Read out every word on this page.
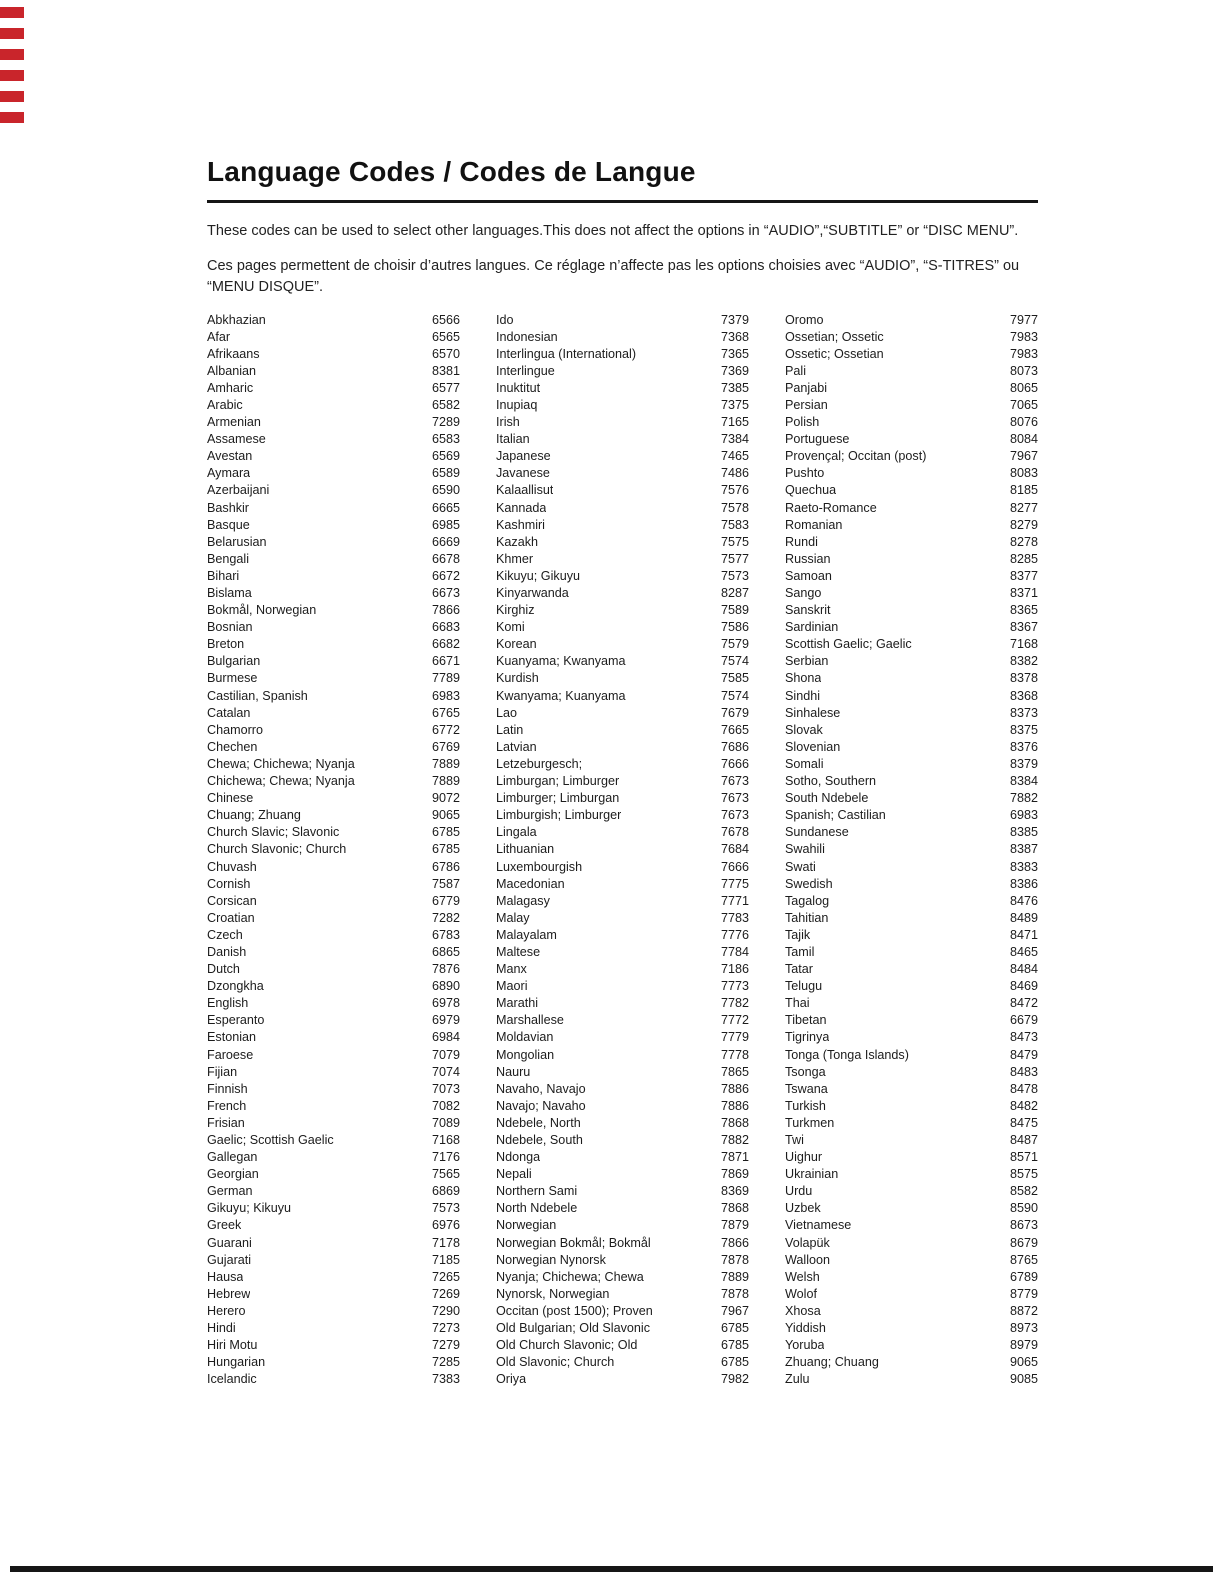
Language Codes / Codes de Langue

These codes can be used to select other languages.This does not affect the options in “AUDIO”,“SUBTITLE” or “DISC MENU”.

Ces pages permettent de choisir d’autres langues. Ce réglage n’affecte pas les options choisies avec “AUDIO”, “S-TITRES” ou “MENU DISQUE”.

Abkhazian	6566
Afar	6565
Afrikaans	6570
Albanian	8381
Amharic	6577
Arabic	6582
Armenian	7289
Assamese	6583
Avestan	6569
Aymara	6589
Azerbaijani	6590
Bashkir	6665
Basque	6985
Belarusian	6669
Bengali	6678
Bihari	6672
Bislama	6673
Bokmål, Norwegian	7866
Bosnian	6683
Breton	6682
Bulgarian	6671
Burmese	7789
Castilian, Spanish	6983
Catalan	6765
Chamorro	6772
Chechen	6769
Chewa; Chichewa; Nyanja	7889
Chichewa; Chewa; Nyanja	7889
Chinese	9072
Chuang; Zhuang	9065
Church Slavic; Slavonic	6785
Church Slavonic; Church	6785
Chuvash	6786
Cornish	7587
Corsican	6779
Croatian	7282
Czech	6783
Danish	6865
Dutch	7876
Dzongkha	6890
English	6978
Esperanto	6979
Estonian	6984
Faroese	7079
Fijian	7074
Finnish	7073
French	7082
Frisian	7089
Gaelic; Scottish Gaelic	7168
Gallegan	7176
Georgian	7565
German	6869
Gikuyu; Kikuyu	7573
Greek	6976
Guarani	7178
Gujarati	7185
Hausa	7265
Hebrew	7269
Herero	7290
Hindi	7273
Hiri Motu	7279
Hungarian	7285
Icelandic	7383
Ido	7379
Indonesian	7368
Interlingua (International)	7365
Interlingue	7369
Inuktitut	7385
Inupiaq	7375
Irish	7165
Italian	7384
Japanese	7465
Javanese	7486
Kalaallisut	7576
Kannada	7578
Kashmiri	7583
Kazakh	7575
Khmer	7577
Kikuyu; Gikuyu	7573
Kinyarwanda	8287
Kirghiz	7589
Komi	7586
Korean	7579
Kuanyama; Kwanyama	7574
Kurdish	7585
Kwanyama; Kuanyama	7574
Lao	7679
Latin	7665
Latvian	7686
Letzeburgesch;	7666
Limburgan; Limburger	7673
Limburger; Limburgan	7673
Limburgish; Limburger	7673
Lingala	7678
Lithuanian	7684
Luxembourgish	7666
Macedonian	7775
Malagasy	7771
Malay	7783
Malayalam	7776
Maltese	7784
Manx	7186
Maori	7773
Marathi	7782
Marshallese	7772
Moldavian	7779
Mongolian	7778
Nauru	7865
Navaho, Navajo	7886
Navajo; Navaho	7886
Ndebele, North	7868
Ndebele, South	7882
Ndonga	7871
Nepali	7869
Northern Sami	8369
North Ndebele	7868
Norwegian	7879
Norwegian Bokmål; Bokmål	7866
Norwegian Nynorsk	7878
Nyanja; Chichewa; Chewa	7889
Nynorsk, Norwegian	7878
Occitan (post 1500); Proven	7967
Old Bulgarian; Old Slavonic	6785
Old Church Slavonic; Old	6785
Old Slavonic; Church	6785
Oriya	7982
Oromo	7977
Ossetian; Ossetic	7983
Ossetic; Ossetian	7983
Pali	8073
Panjabi	8065
Persian	7065
Polish	8076
Portuguese	8084
Provençal; Occitan (post)	7967
Pushto	8083
Quechua	8185
Raeto-Romance	8277
Romanian	8279
Rundi	8278
Russian	8285
Samoan	8377
Sango	8371
Sanskrit	8365
Sardinian	8367
Scottish Gaelic; Gaelic	7168
Serbian	8382
Shona	8378
Sindhi	8368
Sinhalese	8373
Slovak	8375
Slovenian	8376
Somali	8379
Sotho, Southern	8384
South Ndebele	7882
Spanish; Castilian	6983
Sundanese	8385
Swahili	8387
Swati	8383
Swedish	8386
Tagalog	8476
Tahitian	8489
Tajik	8471
Tamil	8465
Tatar	8484
Telugu	8469
Thai	8472
Tibetan	6679
Tigrinya	8473
Tonga (Tonga Islands)	8479
Tsonga	8483
Tswana	8478
Turkish	8482
Turkmen	8475
Twi	8487
Uighur	8571
Ukrainian	8575
Urdu	8582
Uzbek	8590
Vietnamese	8673
Volapük	8679
Walloon	8765
Welsh	6789
Wolof	8779
Xhosa	8872
Yiddish	8973
Yoruba	8979
Zhuang; Chuang	9065
Zulu	9085
